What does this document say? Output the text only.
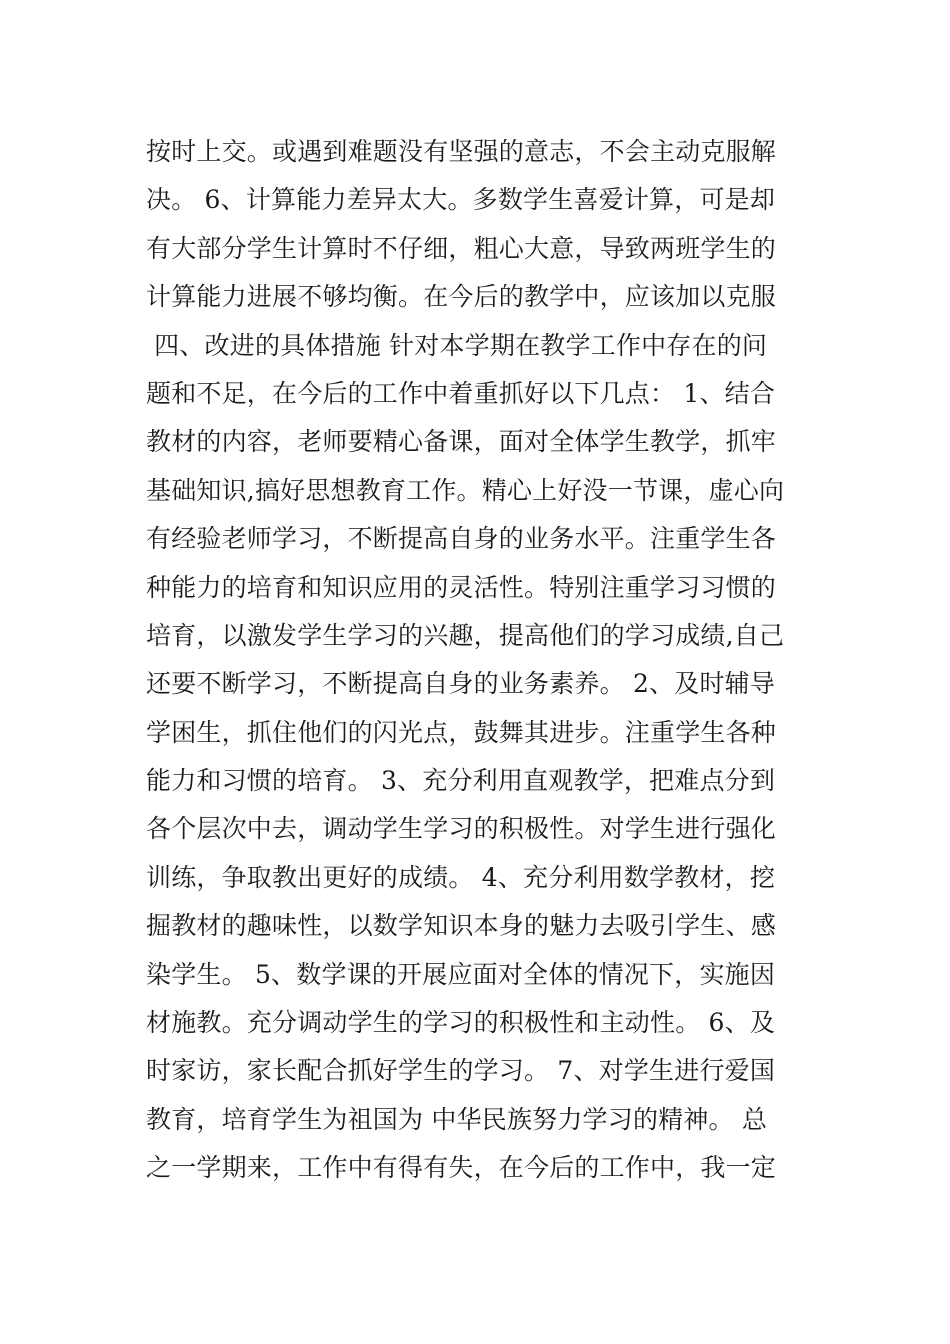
按时上交。或遇到难题没有坚强的意志，不会主动克服解
决。 6、计算能力差异太大。多数学生喜爱计算，可是却
有大部分学生计算时不仔细，粗心大意，导致两班学生的
计算能力进展不够均衡。在今后的教学中，应该加以克服
四、改进的具体措施 针对本学期在教学工作中存在的问
题和不足，在今后的工作中着重抓好以下几点： 1、结合
教材的内容，老师要精心备课，面对全体学生教学，抓牢
基础知识,搞好思想教育工作。精心上好没一节课，虚心向
有经验老师学习，不断提高自身的业务水平。注重学生各
种能力的培育和知识应用的灵活性。特别注重学习习惯的
培育，以激发学生学习的兴趣，提高他们的学习成绩,自己
还要不断学习，不断提高自身的业务素养。 2、及时辅导
学困生，抓住他们的闪光点，鼓舞其进步。注重学生各种
能力和习惯的培育。 3、充分利用直观教学，把难点分到
各个层次中去，调动学生学习的积极性。对学生进行强化
训练，争取教出更好的成绩。 4、充分利用数学教材，挖
掘教材的趣味性，以数学知识本身的魅力去吸引学生、感
染学生。 5、数学课的开展应面对全体的情况下，实施因
材施教。充分调动学生的学习的积极性和主动性。 6、及
时家访，家长配合抓好学生的学习。 7、对学生进行爱国
教育，培育学生为祖国为 中华民族努力学习的精神。 总
之一学期来，工作中有得有失，在今后的工作中，我一定
